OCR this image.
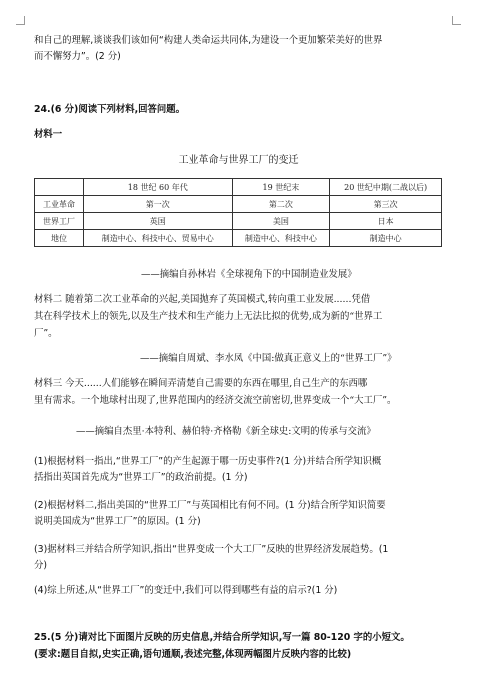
和自己的理解,谈谈我们该如何“构建人类命运共同体,为建设一个更加繁荣美好的世界
而不懈努力”。(2 分)
24.(6 分)阅读下列材料,回答问题。
材料一
工业革命与世界工厂的变迁
	18 世纪 60 年代	19 世纪末	20 世纪中期(二战以后)
工业革命	第一次	第二次	第三次
世界工厂	英国	美国	日本
地位	制造中心、科技中心、贸易中心	制造中心、科技中心	制造中心
——摘编自孙林岩《全球视角下的中国制造业发展》
材料二 随着第二次工业革命的兴起,美国抛弃了英国模式,转向重工业发展......凭借
其在科学技术上的领先,以及生产技术和生产能力上无法比拟的优势,成为新的“世界工
厂”。
——摘编自周斌、李水凤《中国:做真正意义上的“世界工厂”》
材料三 今天......人们能够在瞬间弄清楚自己需要的东西在哪里,自己生产的东西哪
里有需求。一个地球村出现了,世界范围内的经济交流空前密切,世界变成一个“大工厂”。
——摘编自杰里·本特利、赫伯特·齐格勒《新全球史:文明的传承与交流》
(1)根据材料一指出,“世界工厂”的产生起源于哪一历史事件?(1 分)并结合所学知识概
括指出英国首先成为“世界工厂”的政治前提。(1 分)
(2)根据材料二,指出美国的“世界工厂”与英国相比有何不同。(1 分)结合所学知识简要
说明美国成为“世界工厂”的原因。(1 分)
(3)据材料三并结合所学知识,指出“世界变成一个大工厂”反映的世界经济发展趋势。(1
分)
(4)综上所述,从“世界工厂”的变迁中,我们可以得到哪些有益的启示?(1 分)
25.(5 分)请对比下面图片反映的历史信息,并结合所学知识,写一篇 80-120 字的小短文。
(要求:题目自拟,史实正确,语句通顺,表述完整,体现两幅图片反映内容的比较)
